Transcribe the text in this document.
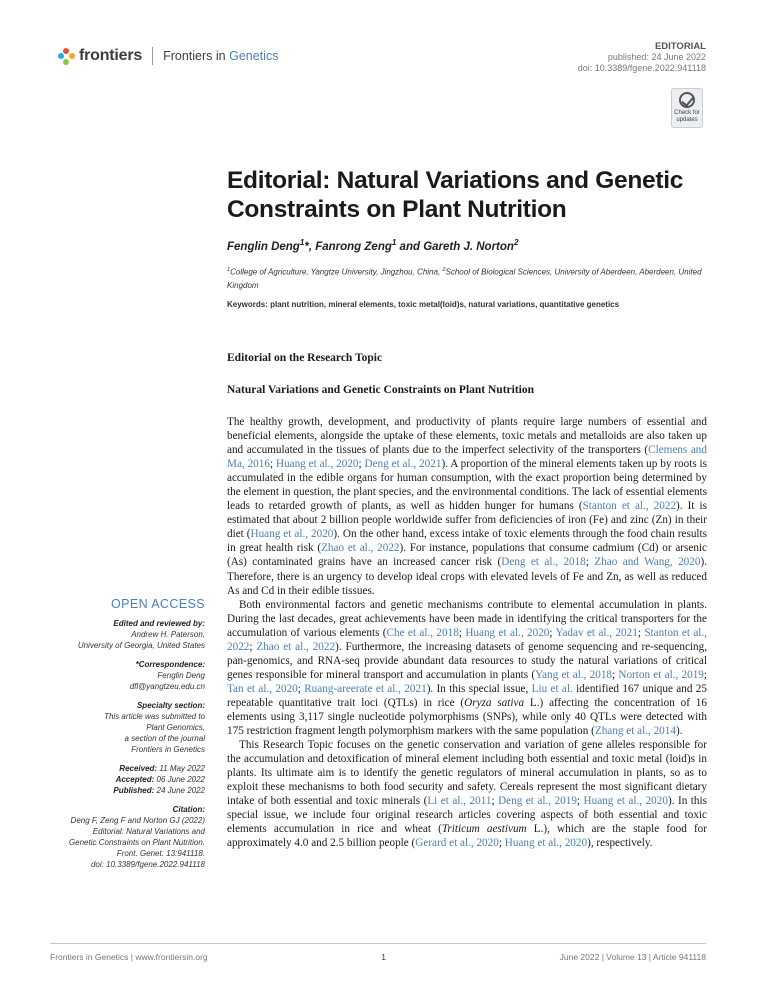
frontiers Frontiers in Genetics
EDITORIAL
published: 24 June 2022
doi: 10.3389/fgene.2022.941118
Check for
updates
Editorial: Natural Variations and Genetic Constraints on Plant Nutrition
Fenglin Deng$^1$*, Fanrong Zeng$^1$ and Gareth J. Norton$^2$
$^1$College of Agriculture, Yangtze University, Jingzhou, China, $^2$School of Biological Sciences, University of Aberdeen, Aberdeen, United Kingdom
Keywords: plant nutrition, mineral elements, toxic metal(loid)s, natural variations, quantitative genetics
Editorial on the Research Topic
Natural Variations and Genetic Constraints on Plant Nutrition

The healthy growth, development, and productivity of plants require large numbers of essential and beneficial elements, alongside the uptake of these elements, toxic metals and metalloids are also taken up and accumulated in the tissues of plants due to the imperfect selectivity of the transporters (Clemens and Ma, 2016; Huang et al., 2020; Deng et al., 2021). A proportion of the mineral elements taken up by roots is accumulated in the edible organs for human consumption, with the exact proportion being determined by the element in question, the plant species, and the environmental conditions. The lack of essential elements leads to retarded growth of plants, as well as hidden hunger for humans (Stanton et al., 2022). It is estimated that about 2 billion people worldwide suffer from deficiencies of iron (Fe) and zinc (Zn) in their diet (Huang et al., 2020). On the other hand, excess intake of toxic elements through the food chain results in great health risk (Zhao et al., 2022). For instance, populations that consume cadmium (Cd) or arsenic (As) contaminated grains have an increased cancer risk (Deng et al., 2018; Zhao and Wang, 2020). Therefore, there is an urgency to develop ideal crops with elevated levels of Fe and Zn, as well as reduced As and Cd in their edible tissues.

Both environmental factors and genetic mechanisms contribute to elemental accumulation in plants. During the last decades, great achievements have been made in identifying the critical transporters for the accumulation of various elements (Che et al., 2018; Huang et al., 2020; Yadav et al., 2021; Stanton et al., 2022; Zhao et al., 2022). Furthermore, the increasing datasets of genome sequencing and re-sequencing, pan-genomics, and RNA-seq provide abundant data resources to study the natural variations of critical genes responsible for mineral transport and accumulation in plants (Yang et al., 2018; Norton et al., 2019; Tan et al., 2020; Ruang-areerate et al., 2021). In this special issue, Liu et al. identified 167 unique and 25 repeatable quantitative trait loci (QTLs) in rice (Oryza sativa L.) affecting the concentration of 16 elements using 3,117 single nucleotide polymorphisms (SNPs), while only 40 QTLs were detected with 175 restriction fragment length polymorphism markers with the same population (Zhang et al., 2014).

This Research Topic focuses on the genetic conservation and variation of gene alleles responsible for the accumulation and detoxification of mineral element including both essential and toxic metal (loid)s in plants. Its ultimate aim is to identify the genetic regulators of mineral accumulation in plants, so as to exploit these mechanisms to both food security and safety. Cereals represent the most significant dietary intake of both essential and toxic minerals (Li et al., 2011; Deng et al., 2019; Huang et al., 2020). In this special issue, we include four original research articles covering aspects of both essential and toxic elements accumulation in rice and wheat (Triticum aestivum L.), which are the staple food for approximately 4.0 and 2.5 billion people (Gerard et al., 2020; Huang et al., 2020), respectively.

OPEN ACCESS
Edited and reviewed by:
Andrew H. Paterson,
University of Georgia, United States
*Correspondence:
Fenglin Deng
dfl@yangtzeu.edu.cn
Specialty section:
This article was submitted to
Plant Genomics,
a section of the journal
Frontiers in Genetics
Received: 11 May 2022
Accepted: 06 June 2022
Published: 24 June 2022
Citation:
Deng F, Zeng F and Norton GJ (2022)
Editorial: Natural Variations and
Genetic Constraints on Plant Nutrition.
Front. Genet. 13:941118.
doi: 10.3389/fgene.2022.941118
Frontiers in Genetics | www.frontiersin.org	1	June 2022 | Volume 13 | Article 941118
